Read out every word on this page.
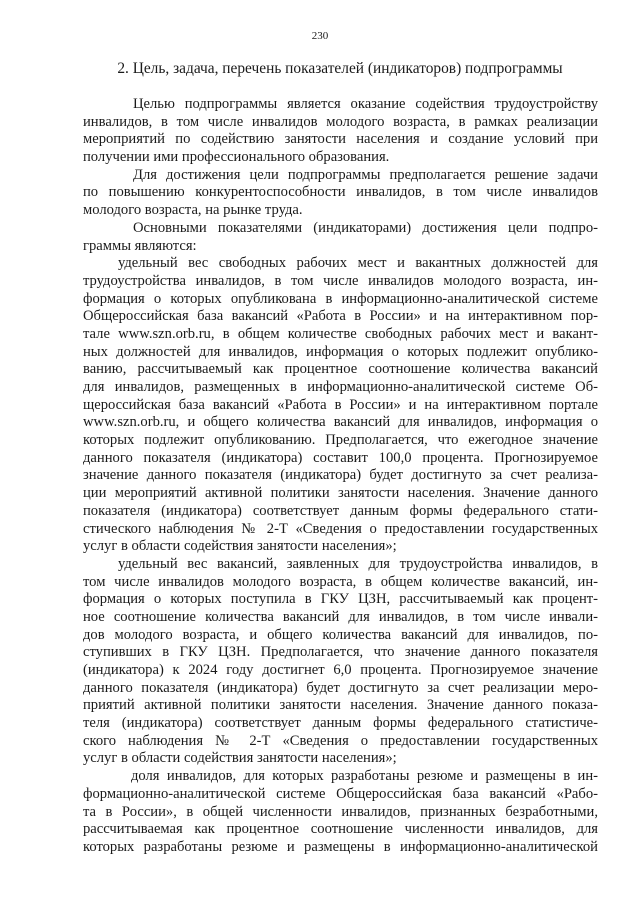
230
2. Цель, задача, перечень показателей (индикаторов) подпрограммы
Целью подпрограммы является оказание содействия трудоустройству
инвалидов, в том числе инвалидов молодого возраста, в рамках реализации
мероприятий по содействию занятости населения и создание условий при
получении ими профессионального образования.
Для достижения цели подпрограммы предполагается решение задачи
по повышению конкурентоспособности инвалидов, в том числе инвалидов
молодого возраста, на рынке труда.
Основными показателями (индикаторами) достижения цели подпро-
граммы являются:
удельный вес свободных рабочих мест и вакантных должностей для
трудоустройства инвалидов, в том числе инвалидов молодого возраста, ин-
формация о которых опубликована в информационно-аналитической системе
Общероссийская база вакансий «Работа в России» и на интерактивном пор-
тале www.szn.orb.ru, в общем количестве свободных рабочих мест и вакант-
ных должностей для инвалидов, информация о которых подлежит опублико-
ванию, рассчитываемый как процентное соотношение количества вакансий
для инвалидов, размещенных в информационно-аналитической системе Об-
щероссийская база вакансий «Работа в России» и на интерактивном портале
www.szn.orb.ru, и общего количества вакансий для инвалидов, информация о
которых подлежит опубликованию. Предполагается, что ежегодное значение
данного показателя (индикатора) составит 100,0 процента. Прогнозируемое
значение данного показателя (индикатора) будет достигнуто за счет реализа-
ции мероприятий активной политики занятости населения. Значение данного
показателя (индикатора) соответствует данным формы федерального стати-
стического наблюдения № 2-Т «Сведения о предоставлении государственных
услуг в области содействия занятости населения»;
удельный вес вакансий, заявленных для трудоустройства инвалидов, в
том числе инвалидов молодого возраста, в общем количестве вакансий, ин-
формация о которых поступила в ГКУ ЦЗН, рассчитываемый как процент-
ное соотношение количества вакансий для инвалидов, в том числе инвали-
дов молодого возраста, и общего количества вакансий для инвалидов, по-
ступивших в ГКУ ЦЗН. Предполагается, что значение данного показателя
(индикатора) к 2024 году достигнет 6,0 процента. Прогнозируемое значение
данного показателя (индикатора) будет достигнуто за счет реализации меро-
приятий активной политики занятости населения. Значение данного показа-
теля (индикатора) соответствует данным формы федерального статистиче-
ского наблюдения № 2-Т «Сведения о предоставлении государственных
услуг в области содействия занятости населения»;
доля инвалидов, для которых разработаны резюме и размещены в ин-
формационно-аналитической системе Общероссийская база вакансий «Рабо-
та в России», в общей численности инвалидов, признанных безработными,
рассчитываемая как процентное соотношение численности инвалидов, для
которых разработаны резюме и размещены в информационно-аналитической
